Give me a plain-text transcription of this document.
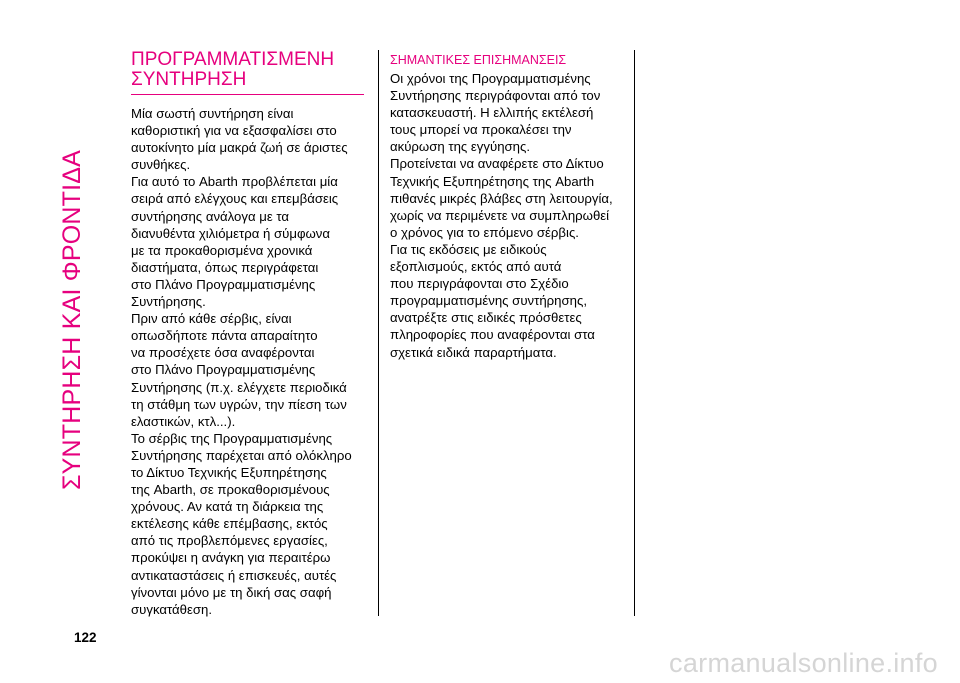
ΣΥΝΤΗΡΗΣΗ ΚΑΙ ΦΡΟΝΤΙΔΑ
ΠΡΟΓΡΑΜΜΑΤΙΣΜΕΝΗ
ΣΥΝΤΗΡΗΣΗ
Μία σωστή συντήρηση είναι
καθοριστική για να εξασφαλίσει στο
αυτοκίνητο μία μακρά ζωή σε άριστες
συνθήκες.
Για αυτό το Abarth προβλέπεται μία
σειρά από ελέγχους και επεμβάσεις
συντήρησης ανάλογα με τα
διανυθέντα χιλιόμετρα ή σύμφωνα
με τα προκαθορισμένα χρονικά
διαστήματα, όπως περιγράφεται
στο Πλάνο Προγραμματισμένης
Συντήρησης.
Πριν από κάθε σέρβις, είναι
οπωσδήποτε πάντα απαραίτητο
να προσέχετε όσα αναφέρονται
στο Πλάνο Προγραμματισμένης
Συντήρησης (π.χ. ελέγχετε περιοδικά
τη στάθμη των υγρών, την πίεση των
ελαστικών, κτλ...).
Το σέρβις της Προγραμματισμένης
Συντήρησης παρέχεται από ολόκληρο
το Δίκτυο Τεχνικής Εξυπηρέτησης
της Abarth, σε προκαθορισμένους
χρόνους. Αν κατά τη διάρκεια της
εκτέλεσης κάθε επέμβασης, εκτός
από τις προβλεπόμενες εργασίες,
προκύψει η ανάγκη για περαιτέρω
αντικαταστάσεις ή επισκευές, αυτές
γίνονται μόνο με τη δική σας σαφή
συγκατάθεση.
ΣΗΜΑΝΤΙΚΕΣ ΕΠΙΣΗΜΑΝΣΕΙΣ
Οι χρόνοι της Προγραμματισμένης
Συντήρησης περιγράφονται από τον
κατασκευαστή. Η ελλιπής εκτέλεσή
τους μπορεί να προκαλέσει την
ακύρωση της εγγύησης.
Προτείνεται να αναφέρετε στο Δίκτυο
Τεχνικής Εξυπηρέτησης της Abarth
πιθανές μικρές βλάβες στη λειτουργία,
χωρίς να περιμένετε να συμπληρωθεί
ο χρόνος για το επόμενο σέρβις.
Για τις εκδόσεις με ειδικούς
εξοπλισμούς, εκτός από αυτά
που περιγράφονται στο Σχέδιο
προγραμματισμένης συντήρησης,
ανατρέξτε στις ειδικές πρόσθετες
πληροφορίες που αναφέρονται στα
σχετικά ειδικά παραρτήματα.
122
carmanualsonline.info
